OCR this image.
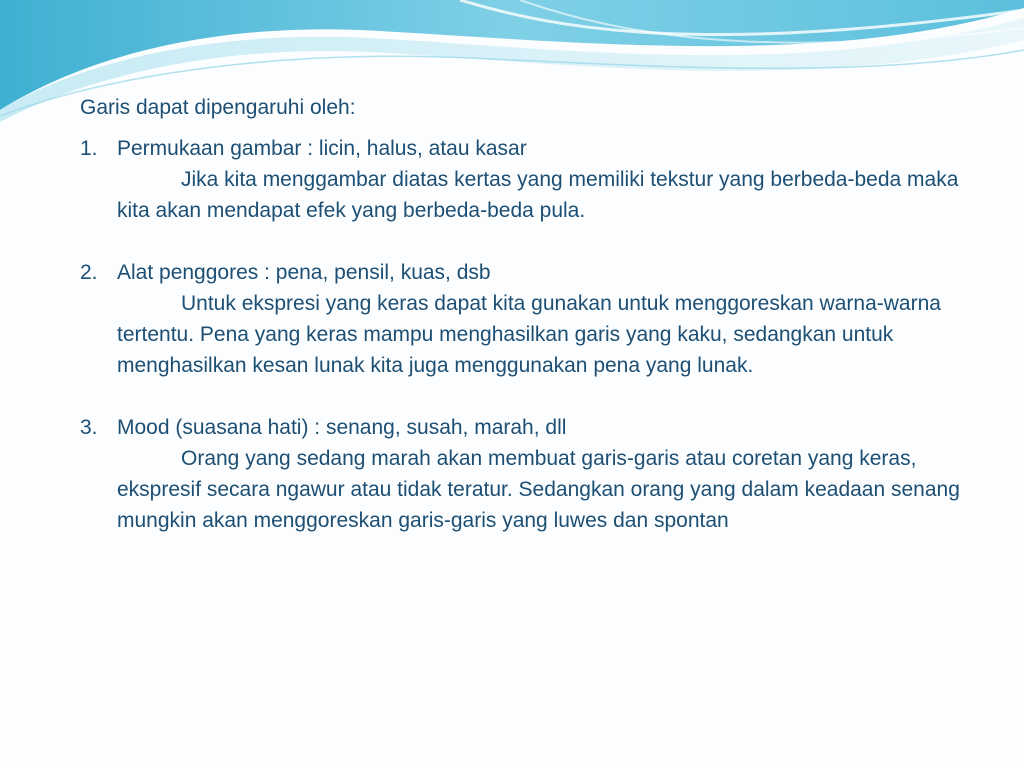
Garis dapat dipengaruhi oleh:
1. Permukaan gambar : licin, halus, atau kasar
Jika kita menggambar diatas kertas yang memiliki tekstur yang berbeda-beda maka kita akan mendapat efek yang berbeda-beda pula.
2. Alat penggores : pena, pensil, kuas, dsb
Untuk ekspresi yang keras dapat kita gunakan untuk menggoreskan warna-warna tertentu. Pena yang keras mampu menghasilkan garis yang kaku, sedangkan untuk menghasilkan kesan lunak kita juga menggunakan pena yang lunak.
3. Mood (suasana hati) : senang, susah, marah, dll
Orang yang sedang marah akan membuat garis-garis atau coretan yang keras, ekspresif secara ngawur atau tidak teratur. Sedangkan orang yang dalam keadaan senang mungkin akan menggoreskan garis-garis yang luwes dan spontan
